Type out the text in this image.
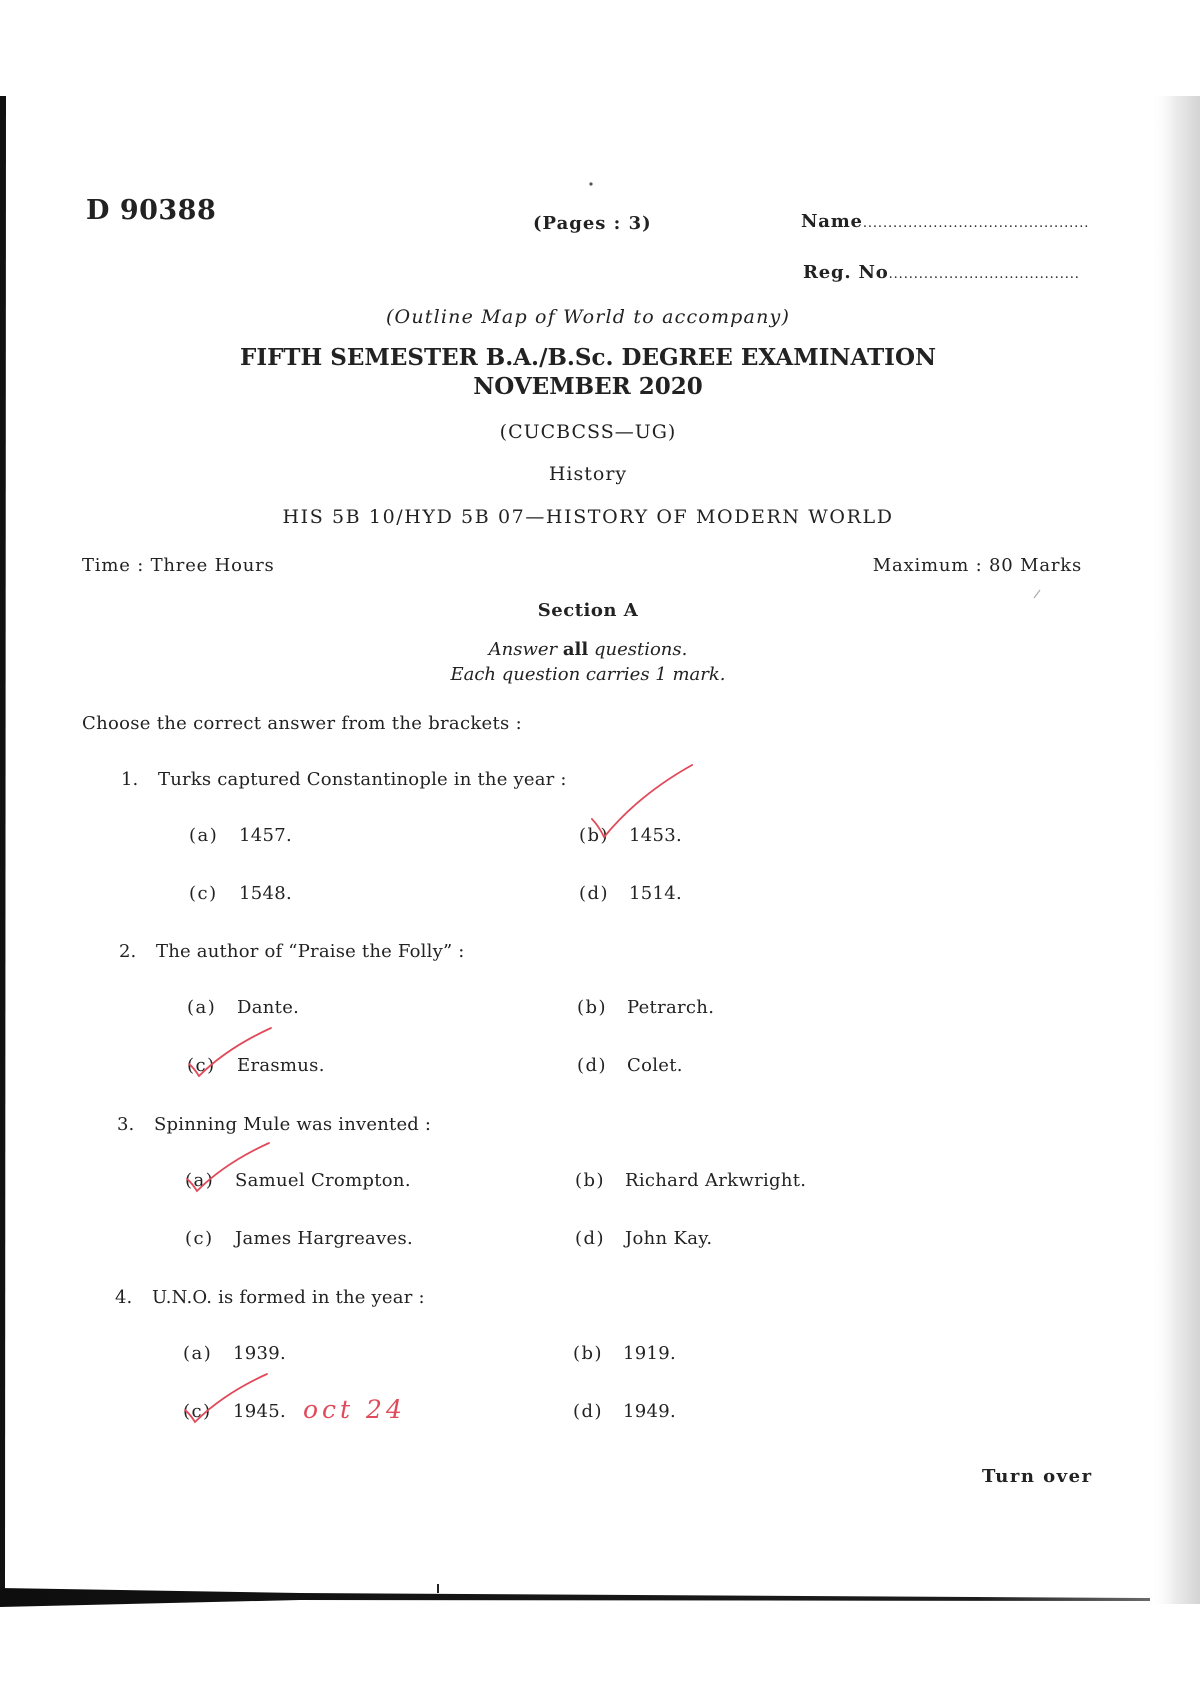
D 90388	(Pages : 3)	Name.............................................
Reg. No......................................
(Outline Map of World to accompany)
FIFTH SEMESTER B.A./B.Sc. DEGREE EXAMINATION
NOVEMBER 2020
(CUCBCSS—UG)
History
HIS 5B 10/HYD 5B 07—HISTORY OF MODERN WORLD
Time : Three Hours	Maximum : 80 Marks
Section A
Answer all questions.
Each question carries 1 mark.
Choose the correct answer from the brackets :
1. Turks captured Constantinople in the year :
(a) 1457.	(b) 1453.
(c) 1548.	(d) 1514.
2. The author of “Praise the Folly” :
(a) Dante.	(b) Petrarch.
(c) Erasmus.	(d) Colet.
3. Spinning Mule was invented :
(a) Samuel Crompton.	(b) Richard Arkwright.
(c) James Hargreaves.	(d) John Kay.
4. U.N.O. is formed in the year :
(a) 1939.	(b) 1919.
(c) 1945. oct 24	(d) 1949.
Turn over
